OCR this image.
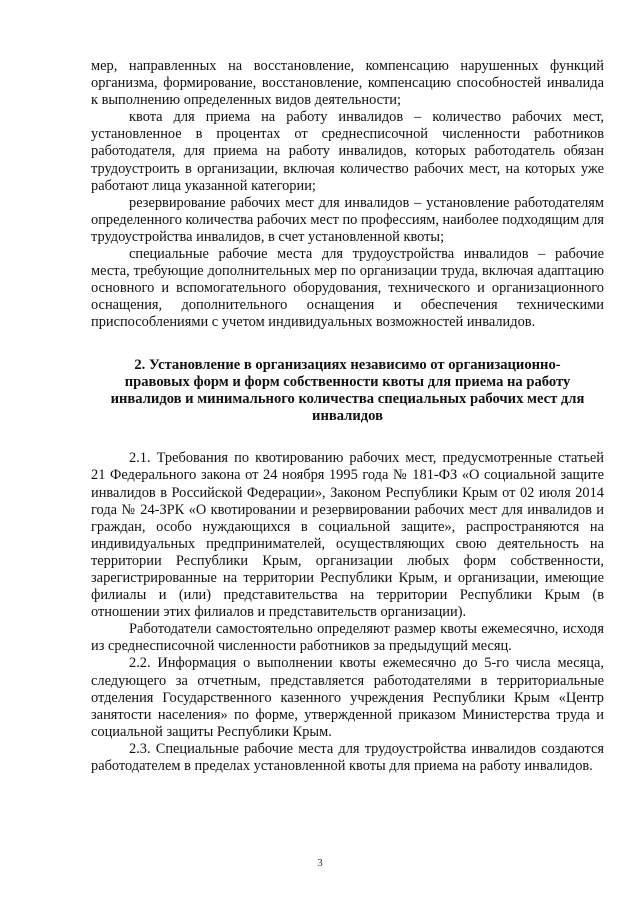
мер, направленных на восстановление, компенсацию нарушенных функций организма, формирование, восстановление, компенсацию способностей инвалида к выполнению определенных видов деятельности;

квота для приема на работу инвалидов – количество рабочих мест, установленное в процентах от среднесписочной численности работников работодателя, для приема на работу инвалидов, которых работодатель обязан трудоустроить в организации, включая количество рабочих мест, на которых уже работают лица указанной категории;

резервирование рабочих мест для инвалидов – установление работодателям определенного количества рабочих мест по профессиям, наиболее подходящим для трудоустройства инвалидов, в счет установленной квоты;

специальные рабочие места для трудоустройства инвалидов – рабочие места, требующие дополнительных мер по организации труда, включая адаптацию основного и вспомогательного оборудования, технического и организационного оснащения, дополнительного оснащения и обеспечения техническими приспособлениями с учетом индивидуальных возможностей инвалидов.

2. Установление в организациях независимо от организационно-правовых форм и форм собственности квоты для приема на работу инвалидов и минимального количества специальных рабочих мест для инвалидов

2.1. Требования по квотированию рабочих мест, предусмотренные статьей 21 Федерального закона от 24 ноября 1995 года № 181-ФЗ «О социальной защите инвалидов в Российской Федерации», Законом Республики Крым от 02 июля 2014 года № 24-ЗРК «О квотировании и резервировании рабочих мест для инвалидов и граждан, особо нуждающихся в социальной защите», распространяются на индивидуальных предпринимателей, осуществляющих свою деятельность на территории Республики Крым, организации любых форм собственности, зарегистрированные на территории Республики Крым, и организации, имеющие филиалы и (или) представительства на территории Республики Крым (в отношении этих филиалов и представительств организации).

Работодатели самостоятельно определяют размер квоты ежемесячно, исходя из среднесписочной численности работников за предыдущий месяц.

2.2. Информация о выполнении квоты ежемесячно до 5-го числа месяца, следующего за отчетным, представляется работодателями в территориальные отделения Государственного казенного учреждения Республики Крым «Центр занятости населения» по форме, утвержденной приказом Министерства труда и социальной защиты Республики Крым.

2.3. Специальные рабочие места для трудоустройства инвалидов создаются работодателем в пределах установленной квоты для приема на работу инвалидов.

3
